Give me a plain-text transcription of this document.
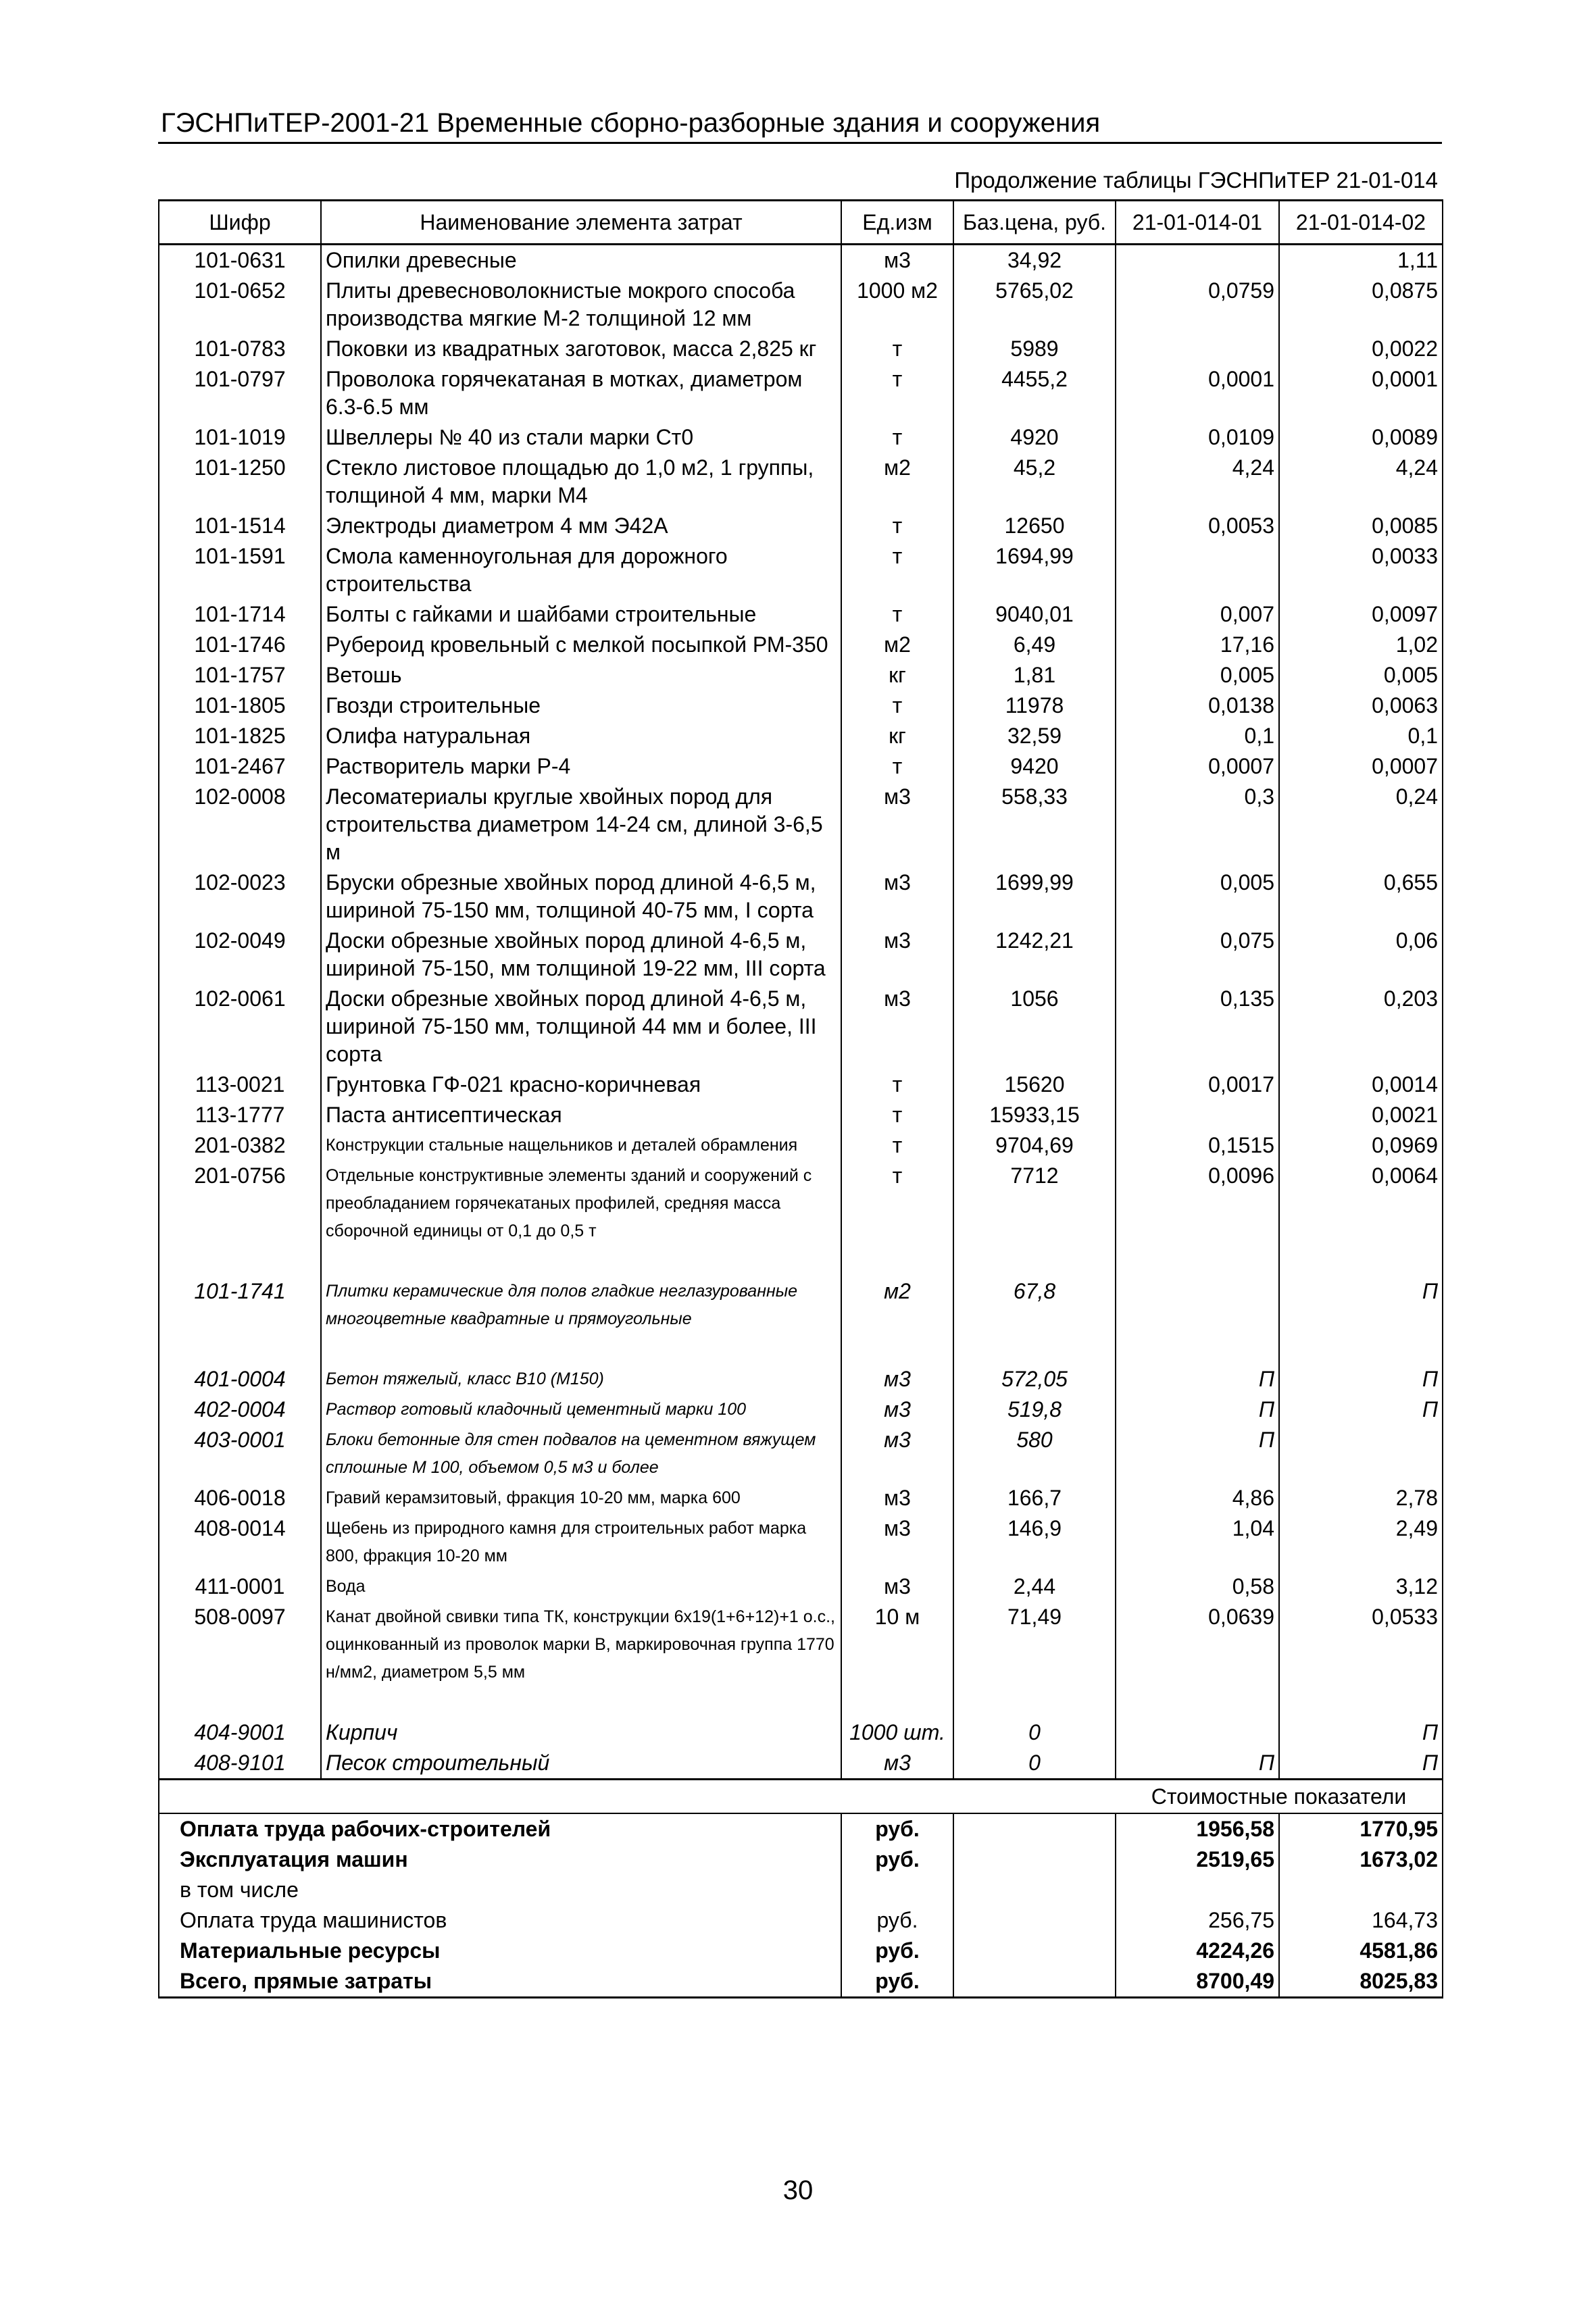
ГЭСНПиТЕР-2001-21 Временные сборно-разборные здания и сооружения
Продолжение таблицы ГЭСНПиТЕР 21-01-014
Шифр	Наименование элемента затрат	Ед.изм	Баз.цена, руб.	21-01-014-01	21-01-014-02
101-0631	Опилки древесные	м3	34,92		1,11
101-0652	Плиты древесноволокнистые мокрого способа производства мягкие М-2 толщиной 12 мм	1000 м2	5765,02	0,0759	0,0875
101-0783	Поковки из квадратных заготовок, масса 2,825 кг	т	5989		0,0022
101-0797	Проволока горячекатаная в мотках, диаметром 6.3-6.5 мм	т	4455,2	0,0001	0,0001
101-1019	Швеллеры № 40 из стали марки Ст0	т	4920	0,0109	0,0089
101-1250	Стекло листовое площадью до 1,0 м2, 1 группы, толщиной 4 мм, марки М4	м2	45,2	4,24	4,24
101-1514	Электроды диаметром 4 мм Э42А	т	12650	0,0053	0,0085
101-1591	Смола каменноугольная для дорожного строительства	т	1694,99		0,0033
101-1714	Болты с гайками и шайбами строительные	т	9040,01	0,007	0,0097
101-1746	Рубероид кровельный с мелкой посыпкой РМ-350	м2	6,49	17,16	1,02
101-1757	Ветошь	кг	1,81	0,005	0,005
101-1805	Гвозди строительные	т	11978	0,0138	0,0063
101-1825	Олифа натуральная	кг	32,59	0,1	0,1
101-2467	Растворитель марки Р-4	т	9420	0,0007	0,0007
102-0008	Лесоматериалы круглые хвойных пород для строительства диаметром 14-24 см, длиной 3-6,5 м	м3	558,33	0,3	0,24
102-0023	Бруски обрезные хвойных пород длиной 4-6,5 м, шириной 75-150 мм, толщиной 40-75 мм, I сорта	м3	1699,99	0,005	0,655
102-0049	Доски обрезные хвойных пород длиной 4-6,5 м, шириной 75-150, мм толщиной 19-22 мм, III сорта	м3	1242,21	0,075	0,06
102-0061	Доски обрезные хвойных пород длиной 4-6,5 м, шириной 75-150 мм, толщиной 44 мм и более, III сорта	м3	1056	0,135	0,203
113-0021	Грунтовка ГФ-021 красно-коричневая	т	15620	0,0017	0,0014
113-1777	Паста антисептическая	т	15933,15		0,0021
201-0382	Конструкции стальные нащельников и деталей обрамления	т	9704,69	0,1515	0,0969
201-0756	Отдельные конструктивные элементы зданий и сооружений с преобладанием горячекатаных профилей, средняя масса сборочной единицы от 0,1 до 0,5 т	т	7712	0,0096	0,0064

101-1741	Плитки керамические для полов гладкие неглазурованные многоцветные квадратные и прямоугольные	м2	67,8		П

401-0004	Бетон тяжелый, класс В10 (М150)	м3	572,05	П	П
402-0004	Раствор готовый кладочный цементный марки 100	м3	519,8	П	П
403-0001	Блоки бетонные для стен подвалов на цементном вяжущем сплошные М 100, объемом 0,5 м3 и более	м3	580	П	
406-0018	Гравий керамзитовый, фракция 10-20 мм, марка 600	м3	166,7	4,86	2,78
408-0014	Щебень из природного камня для строительных работ марка 800, фракция 10-20 мм	м3	146,9	1,04	2,49
411-0001	Вода	м3	2,44	0,58	3,12
508-0097	Канат двойной свивки типа ТК, конструкции 6х19(1+6+12)+1 о.с., оцинкованный из проволок марки В, маркировочная группа 1770 н/мм2, диаметром 5,5 мм	10 м	71,49	0,0639	0,0533

404-9001	Кирпич	1000 шт.	0		П
408-9101	Песок строительный	м3	0	П	П
				Стоимостные показатели	
Оплата труда рабочих-строителей		руб.		1956,58	1770,95
Эксплуатация машин		руб.		2519,65	1673,02
в том числе					
Оплата труда машинистов		руб.		256,75	164,73
Материальные ресурсы		руб.		4224,26	4581,86
Всего, прямые затраты		руб.		8700,49	8025,83
30
